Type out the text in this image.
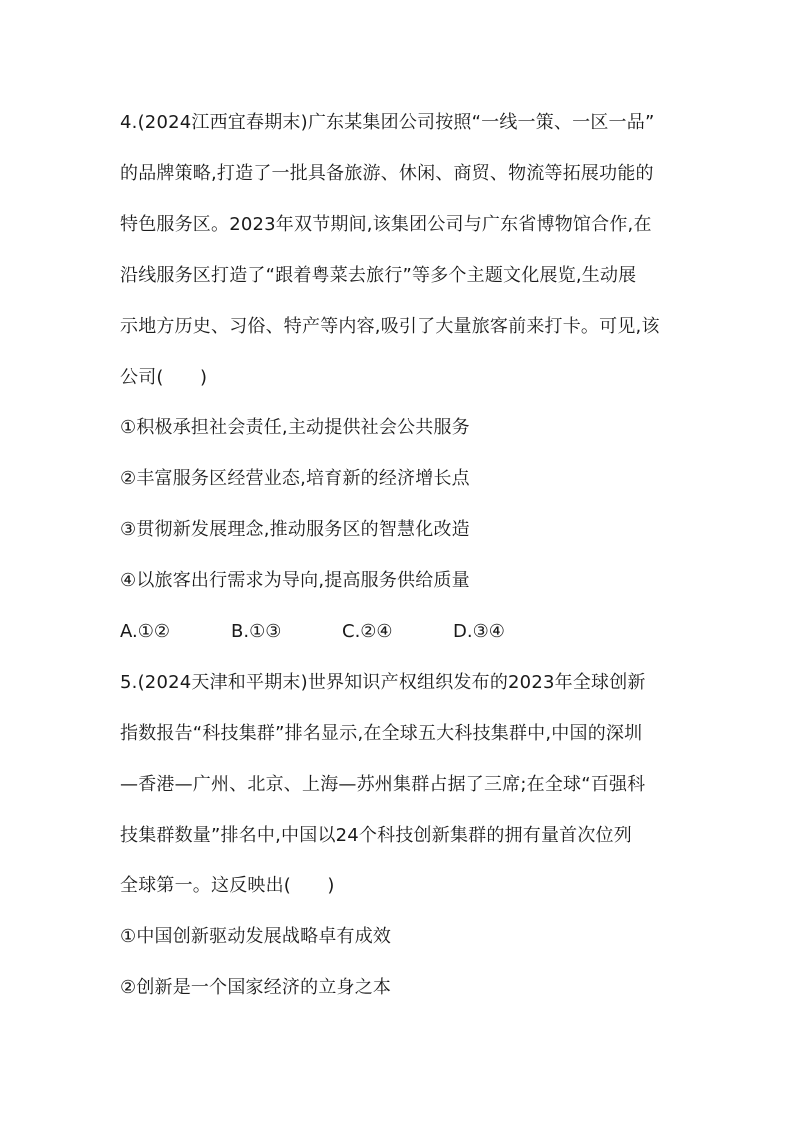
4.(2024江西宜春期末)广东某集团公司按照“一线一策、一区一品”
的品牌策略,打造了一批具备旅游、休闲、商贸、物流等拓展功能的
特色服务区。2023年双节期间,该集团公司与广东省博物馆合作,在
沿线服务区打造了“跟着粤菜去旅行”等多个主题文化展览,生动展
示地方历史、习俗、特产等内容,吸引了大量旅客前来打卡。可见,该
公司(　　)
①积极承担社会责任,主动提供社会公共服务
②丰富服务区经营业态,培育新的经济增长点
③贯彻新发展理念,推动服务区的智慧化改造
④以旅客出行需求为导向,提高服务供给质量
A.①②	B.①③	C.②④	D.③④
5.(2024天津和平期末)世界知识产权组织发布的2023年全球创新
指数报告“科技集群”排名显示,在全球五大科技集群中,中国的深圳
—香港—广州、北京、上海—苏州集群占据了三席;在全球“百强科
技集群数量”排名中,中国以24个科技创新集群的拥有量首次位列
全球第一。这反映出(　　)
①中国创新驱动发展战略卓有成效
②创新是一个国家经济的立身之本
